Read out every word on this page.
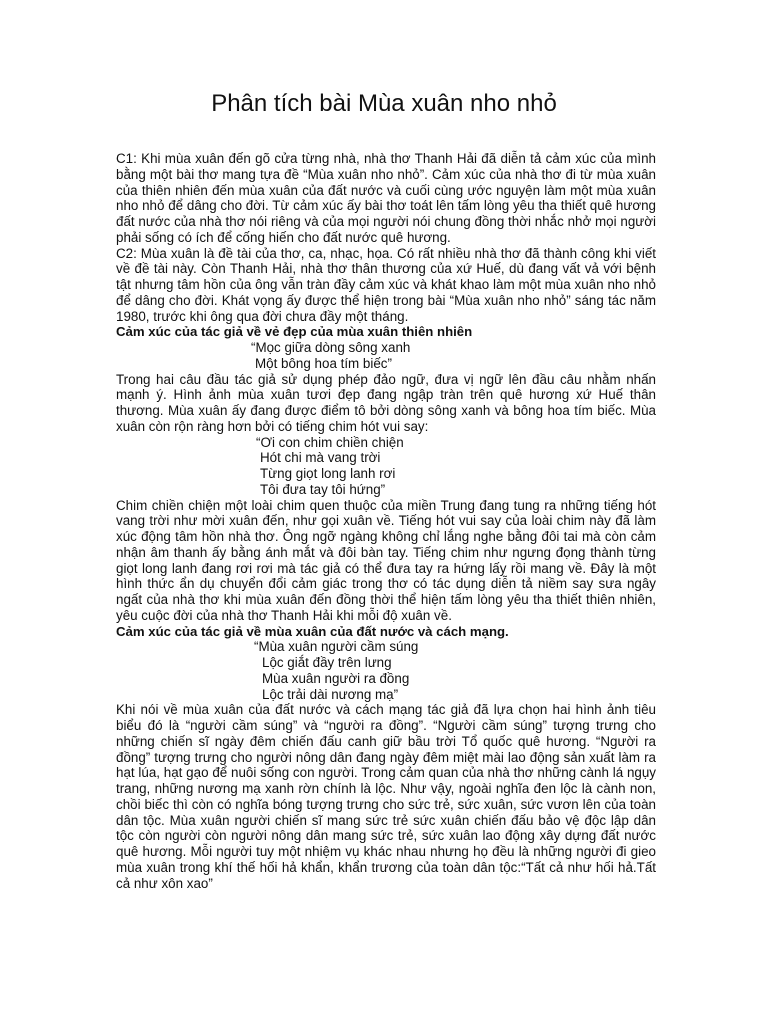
Phân tích bài Mùa xuân nho nhỏ

C1: Khi mùa xuân đến gõ cửa từng nhà, nhà thơ Thanh Hải đã diễn tả cảm xúc của mình bằng một bài thơ mang tựa đề “Mùa xuân nho nhỏ”. Cảm xúc của nhà thơ đi từ mùa xuân của thiên nhiên đến mùa xuân của đất nước và cuối cùng ước nguyện làm một mùa xuân nho nhỏ để dâng cho đời. Từ cảm xúc ấy bài thơ toát lên tấm lòng yêu tha thiết quê hương đất nước của nhà thơ nói riêng và của mọi người nói chung đồng thời nhắc nhở mọi người phải sống có ích để cống hiến cho đất nước quê hương.

C2: Mùa xuân là đề tài của thơ, ca, nhạc, họa. Có rất nhiều nhà thơ đã thành công khi viết về đề tài này. Còn Thanh Hải, nhà thơ thân thương của xứ Huế, dù đang vất vả với bệnh tật nhưng tâm hồn của ông vẫn tràn đầy cảm xúc và khát khao làm một mùa xuân nho nhỏ để dâng cho đời. Khát vọng ấy được thể hiện trong bài “Mùa xuân nho nhỏ” sáng tác năm 1980, trước khi ông qua đời chưa đầy một tháng.

Cảm xúc của tác giả về vẻ đẹp của mùa xuân thiên nhiên

“Mọc giữa dòng sông xanh
Một bông hoa tím biếc”

Trong hai câu đầu tác giả sử dụng phép đảo ngữ, đưa vị ngữ lên đầu câu nhằm nhấn mạnh ý. Hình ảnh mùa xuân tươi đẹp đang ngập tràn trên quê hương xứ Huế thân thương. Mùa xuân ấy đang được điểm tô bởi dòng sông xanh và bông hoa tím biếc. Mùa xuân còn rộn ràng hơn bởi có tiếng chim hót vui say:

“Ơi con chim chiền chiện
Hót chi mà vang trời
Từng giọt long lanh rơi
Tôi đưa tay tôi hứng”

Chim chiền chiện một loài chim quen thuộc của miền Trung đang tung ra những tiếng hót vang trời như mời xuân đến, như gọi xuân về. Tiếng hót vui say của loài chim này đã làm xúc động tâm hồn nhà thơ. Ông ngỡ ngàng không chỉ lắng nghe bằng đôi tai mà còn cảm nhận âm thanh ấy bằng ánh mắt và đôi bàn tay. Tiếng chim như ngưng đọng thành từng giọt long lanh đang rơi rơi mà tác giả có thể đưa tay ra hứng lấy rồi mang về. Đây là một hình thức ẩn dụ chuyển đổi cảm giác trong thơ có tác dụng diễn tả niềm say sưa ngây ngất của nhà thơ khi mùa xuân đến đồng thời thể hiện tấm lòng yêu tha thiết thiên nhiên, yêu cuộc đời của nhà thơ Thanh Hải khi mỗi độ xuân về.

Cảm xúc của tác giả về mùa xuân của đất nước và cách mạng.

“Mùa xuân người cầm súng
Lộc giắt đầy trên lưng
Mùa xuân người ra đồng
Lộc trải dài nương mạ”

Khi nói về mùa xuân của đất nước và cách mạng tác giả đã lựa chọn hai hình ảnh tiêu biểu đó là “người cầm súng” và “người ra đồng”. “Người cầm súng” tượng trưng cho những chiến sĩ ngày đêm chiến đấu canh giữ bầu trời Tổ quốc quê hương. “Người ra đồng” tượng trưng cho người nông dân đang ngày đêm miệt mài lao động sản xuất làm ra hạt lúa, hạt gạo để nuôi sống con người. Trong cảm quan của nhà thơ những cành lá ngụy trang, những nương mạ xanh rờn chính là lộc. Như vậy, ngoài nghĩa đen lộc là cành non, chồi biếc thì còn có nghĩa bóng tượng trưng cho sức trẻ, sức xuân, sức vươn lên của toàn dân tộc. Mùa xuân người chiến sĩ mang sức trẻ sức xuân chiến đấu bảo vệ độc lập dân tộc còn người còn người nông dân mang sức trẻ, sức xuân lao động xây dựng đất nước quê hương. Mỗi người tuy một nhiệm vụ khác nhau nhưng họ đều là những người đi gieo mùa xuân trong khí thế hối hả khẩn, khẩn trương của toàn dân tộc:“Tất cả như hối hả.Tất cả như xôn xao”
